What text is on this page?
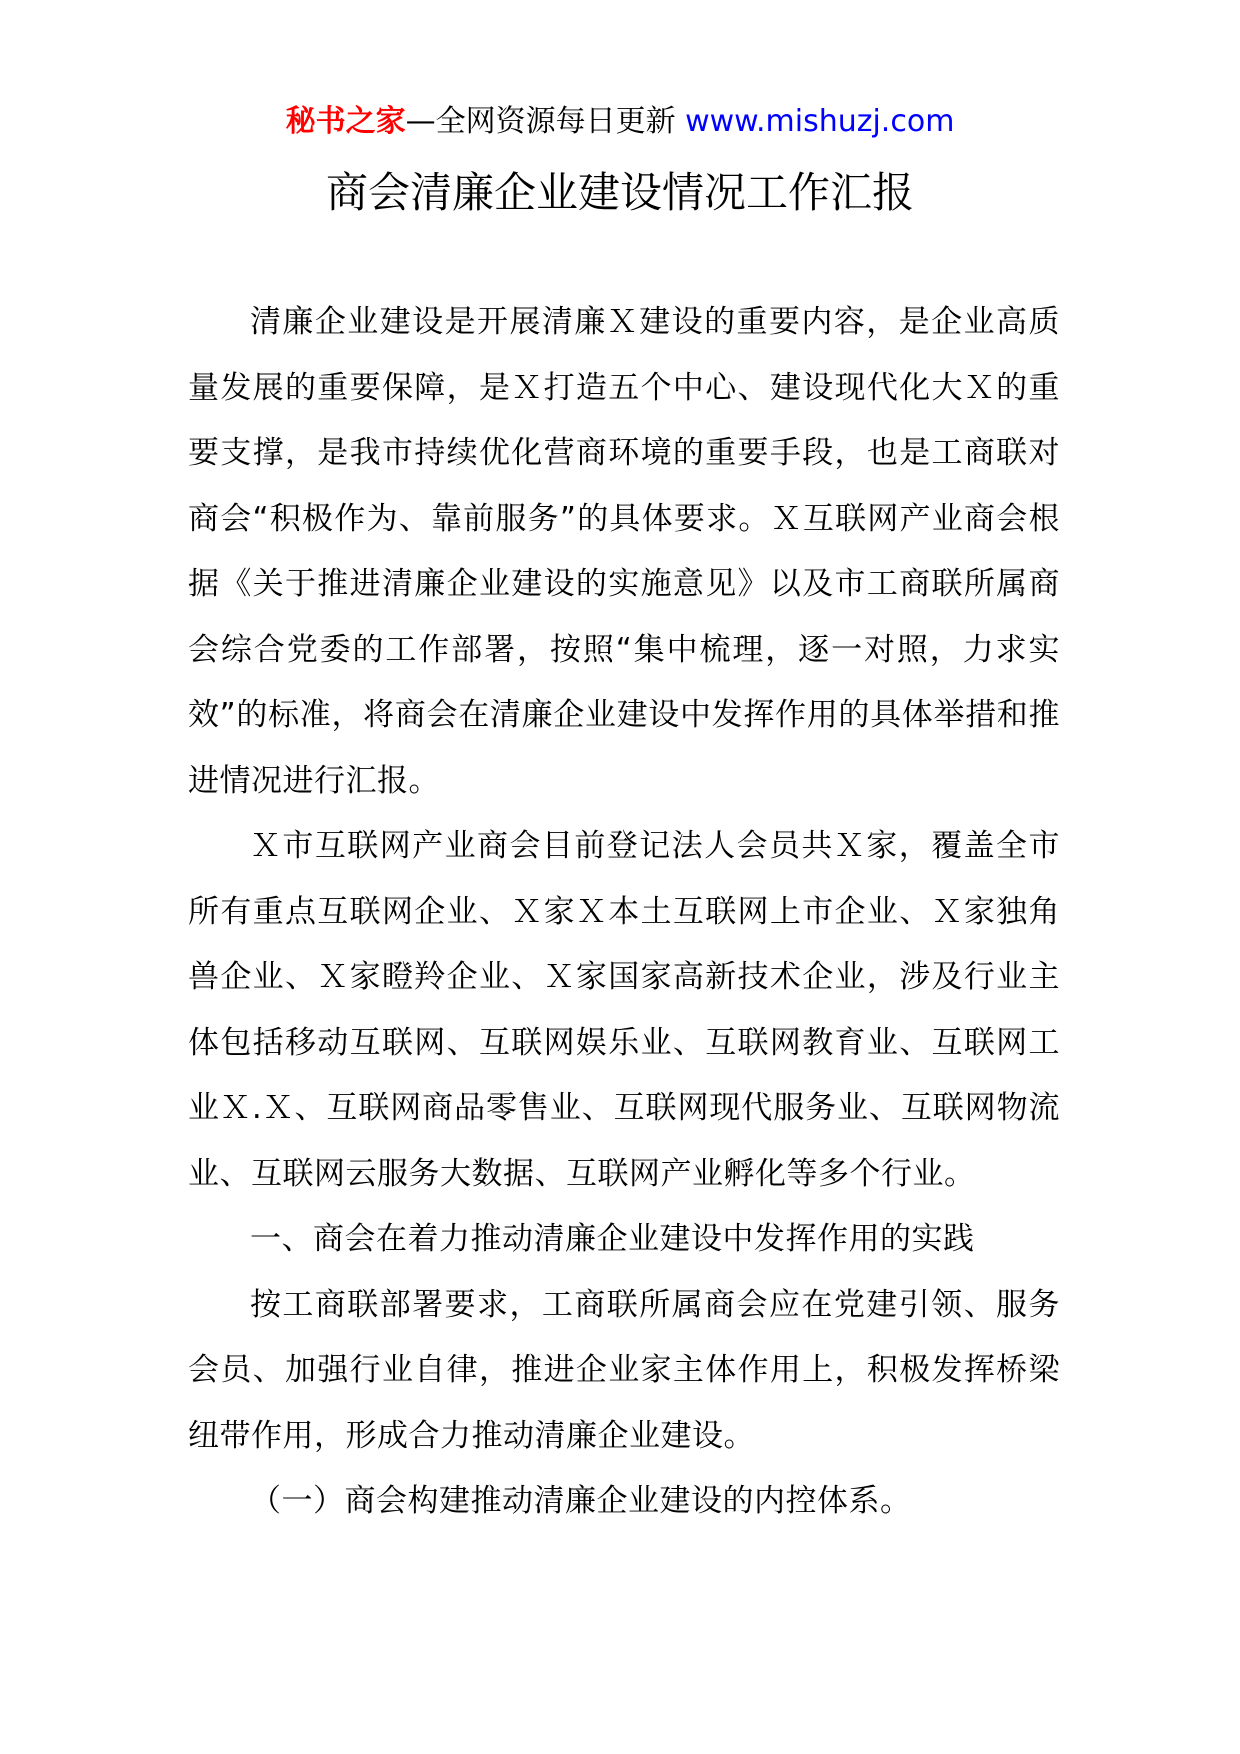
秘书之家—全网资源每日更新 www.mishuzj.com
商会清廉企业建设情况工作汇报

清廉企业建设是开展清廉Ｘ建设的重要内容，是企业高质量发展的重要保障，是Ｘ打造五个中心、建设现代化大Ｘ的重要支撑，是我市持续优化营商环境的重要手段，也是工商联对商会“积极作为、靠前服务”的具体要求。Ｘ互联网产业商会根据《关于推进清廉企业建设的实施意见》以及市工商联所属商会综合党委的工作部署，按照“集中梳理，逐一对照，力求实效”的标准，将商会在清廉企业建设中发挥作用的具体举措和推进情况进行汇报。

Ｘ市互联网产业商会目前登记法人会员共Ｘ家，覆盖全市所有重点互联网企业、Ｘ家Ｘ本土互联网上市企业、Ｘ家独角兽企业、Ｘ家瞪羚企业、Ｘ家国家高新技术企业，涉及行业主体包括移动互联网、互联网娱乐业、互联网教育业、互联网工业Ｘ.Ｘ、互联网商品零售业、互联网现代服务业、互联网物流业、互联网云服务大数据、互联网产业孵化等多个行业。

一、商会在着力推动清廉企业建设中发挥作用的实践

按工商联部署要求，工商联所属商会应在党建引领、服务会员、加强行业自律，推进企业家主体作用上，积极发挥桥梁纽带作用，形成合力推动清廉企业建设。

（一）商会构建推动清廉企业建设的内控体系。
